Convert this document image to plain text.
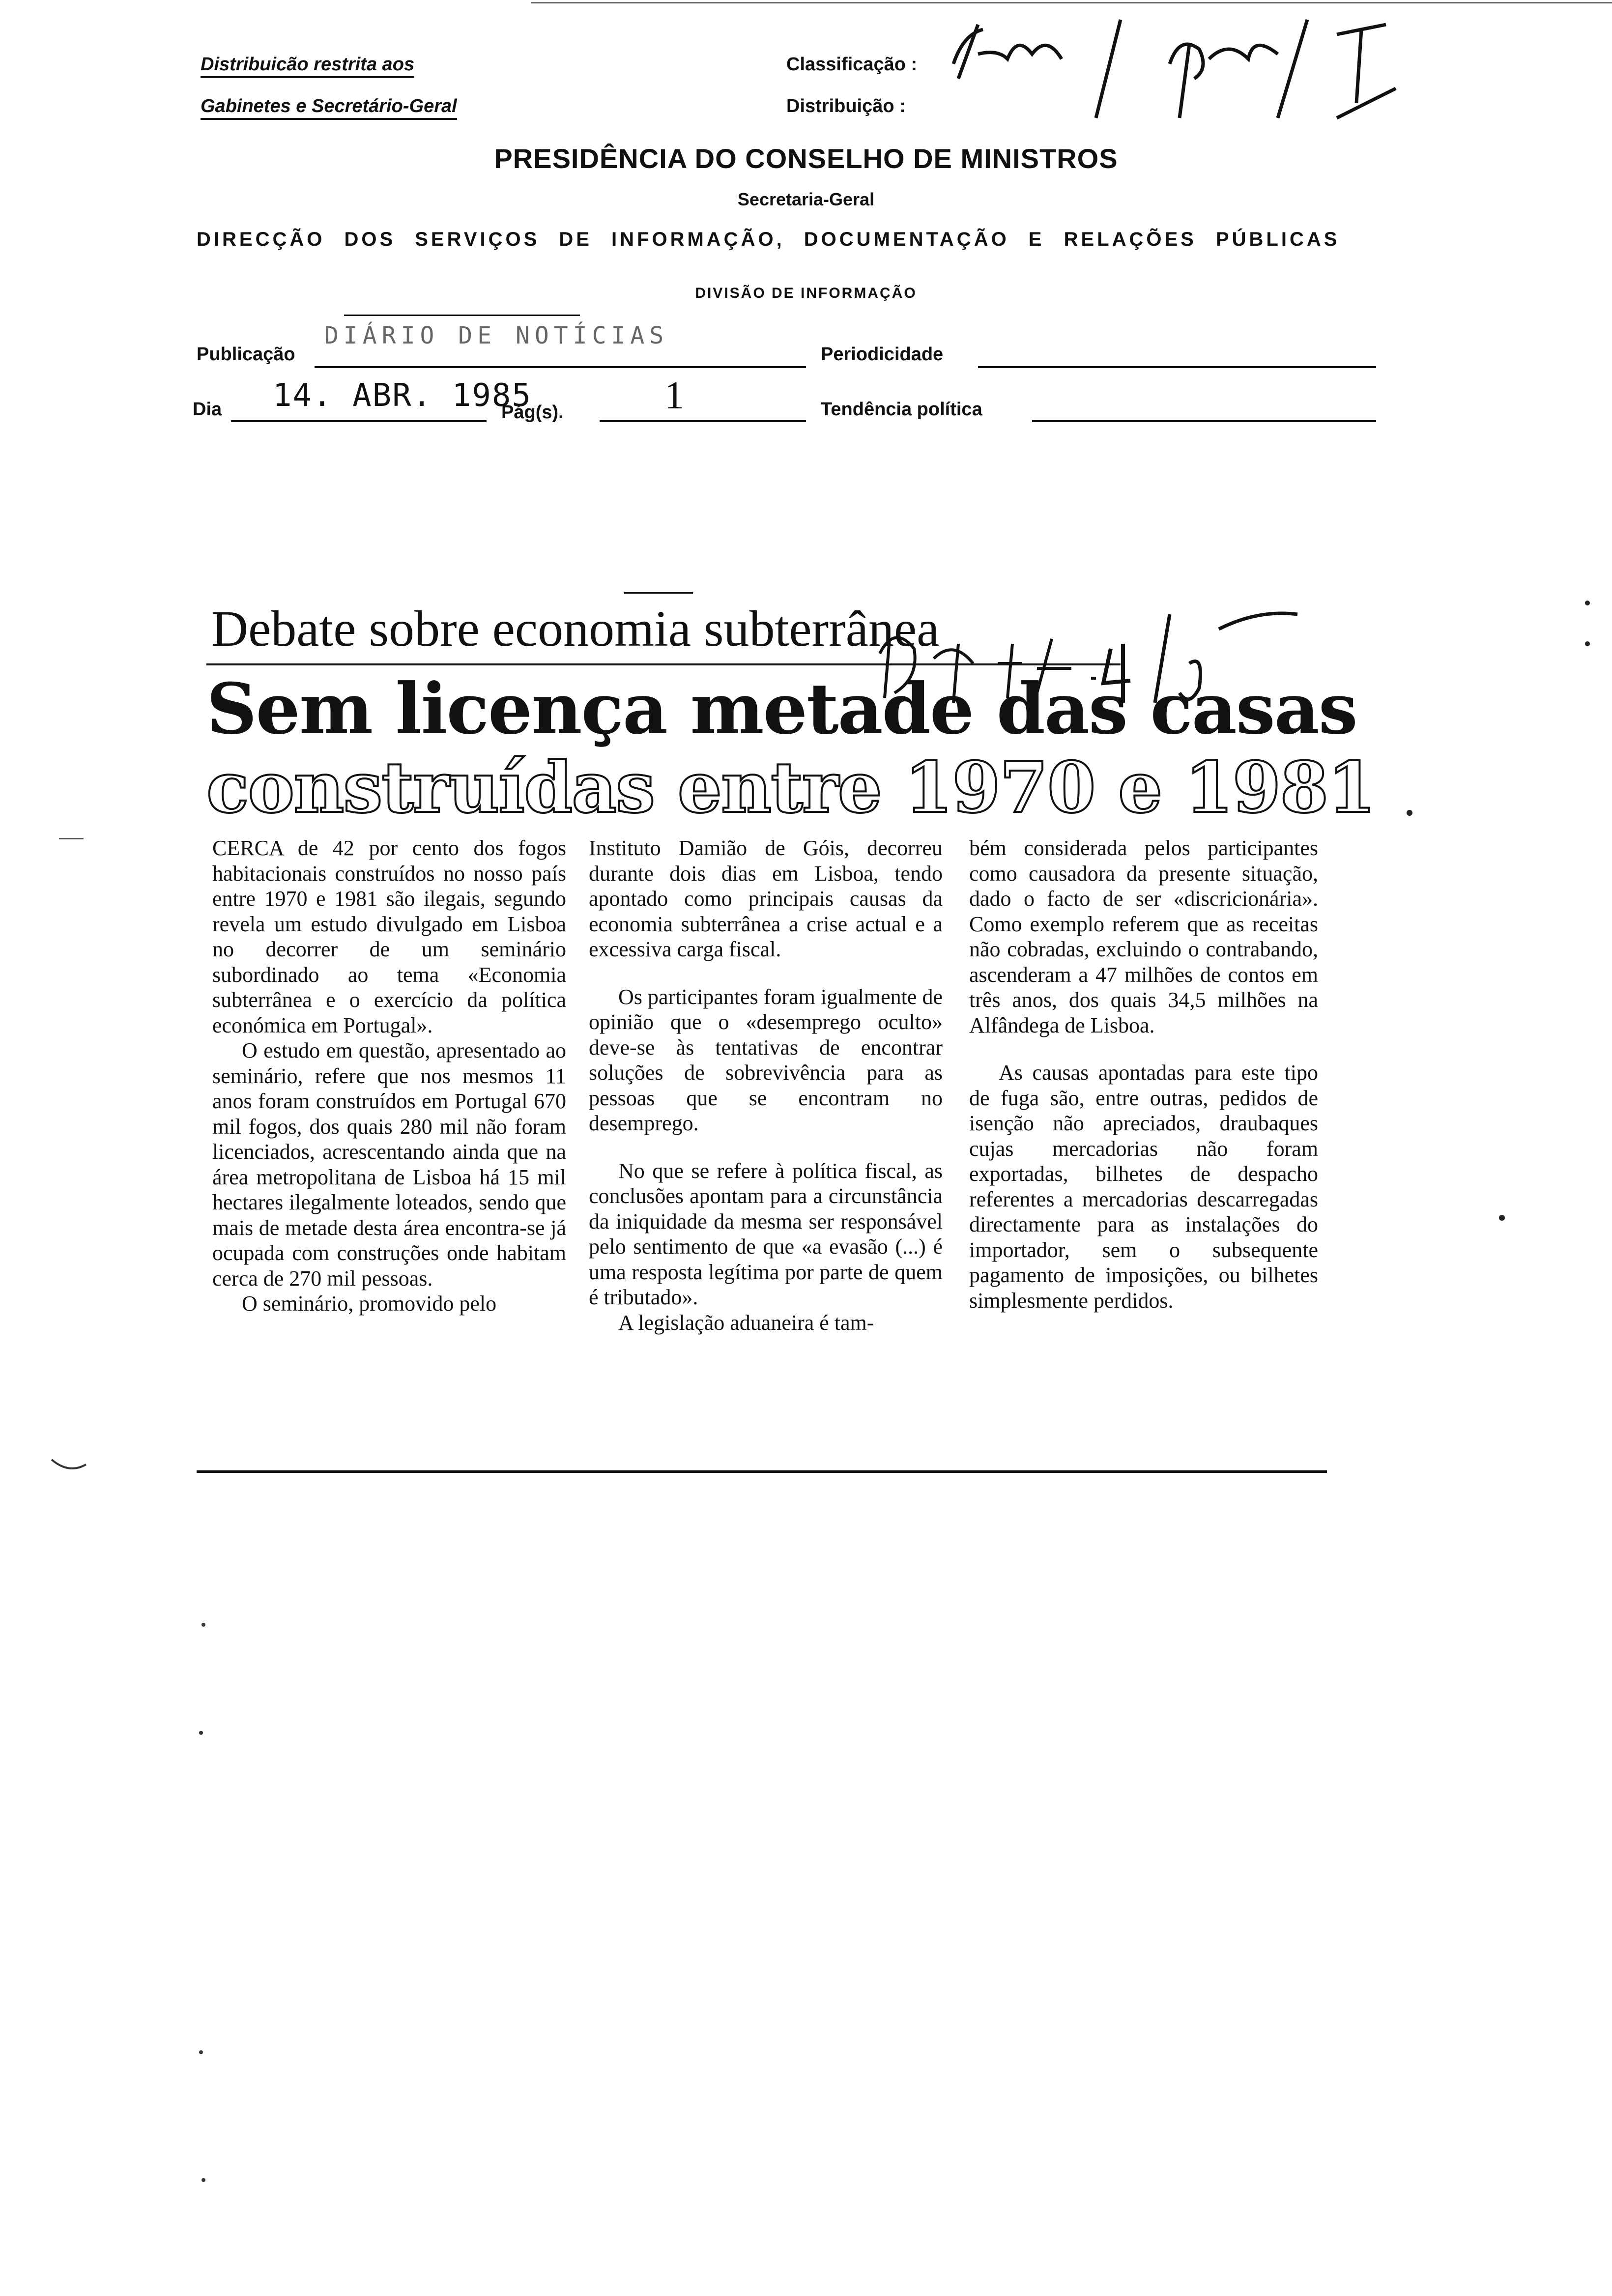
Distribuicão restrita aos
Gabinetes e Secretário-Geral
Classificação :
Distribuição :
fin / pn / I
PRESIDÊNCIA DO CONSELHO DE MINISTROS
Secretaria-Geral
DIRECÇÃO DOS SERVIÇOS DE INFORMAÇÃO, DOCUMENTAÇÃO E RELAÇÕES PÚBLICAS
DIVISÃO DE INFORMAÇÃO
Publicação
DIÁRIO DE NOTÍCIAS
Periodicidade
Dia 14. ABR. 1985
Pág(s).	1	Tendência política
Debate sobre economia subterrânea
Sem licença metade das casas
construídas entre 1970 e 1981
DN 14.4.85

CERCA de 42 por cento dos fogos habitacionais construídos no nosso país entre 1970 e 1981 são ilegais, segundo revela um estudo divulgado em Lisboa no decorrer de um seminário subordinado ao tema «Economia subterrânea e o exercício da política económica em Portugal».

O estudo em questão, apresentado ao seminário, refere que nos mesmos 11 anos foram construídos em Portugal 670 mil fogos, dos quais 280 mil não foram licenciados, acrescentando ainda que na área metropolitana de Lisboa há 15 mil hectares ilegalmente loteados, sendo que mais de metade desta área encontra-se já ocupada com construções onde habitam cerca de 270 mil pessoas.

O seminário, promovido pelo

Instituto Damião de Góis, decorreu durante dois dias em Lisboa, tendo apontado como principais causas da economia subterrânea a crise actual e a excessiva carga fiscal.

Os participantes foram igualmente de opinião que o «desemprego oculto» deve-se às tentativas de encontrar soluções de sobrevivência para as pessoas que se encontram no desemprego.

No que se refere à política fiscal, as conclusões apontam para a circunstância da iniquidade da mesma ser responsável pelo sentimento de que «a evasão (...) é uma resposta legítima por parte de quem é tributado».

A legislação aduaneira é tam-

bém considerada pelos participantes como causadora da presente situação, dado o facto de ser «discricionária». Como exemplo referem que as receitas não cobradas, excluindo o contrabando, ascenderam a 47 milhões de contos em três anos, dos quais 34,5 milhões na Alfândega de Lisboa.

As causas apontadas para este tipo de fuga são, entre outras, pedidos de isenção não apreciados, draubaques cujas mercadorias não foram exportadas, bilhetes de despacho referentes a mercadorias descarregadas directamente para as instalações do importador, sem o subsequente pagamento de imposições, ou bilhetes simplesmente perdidos.
